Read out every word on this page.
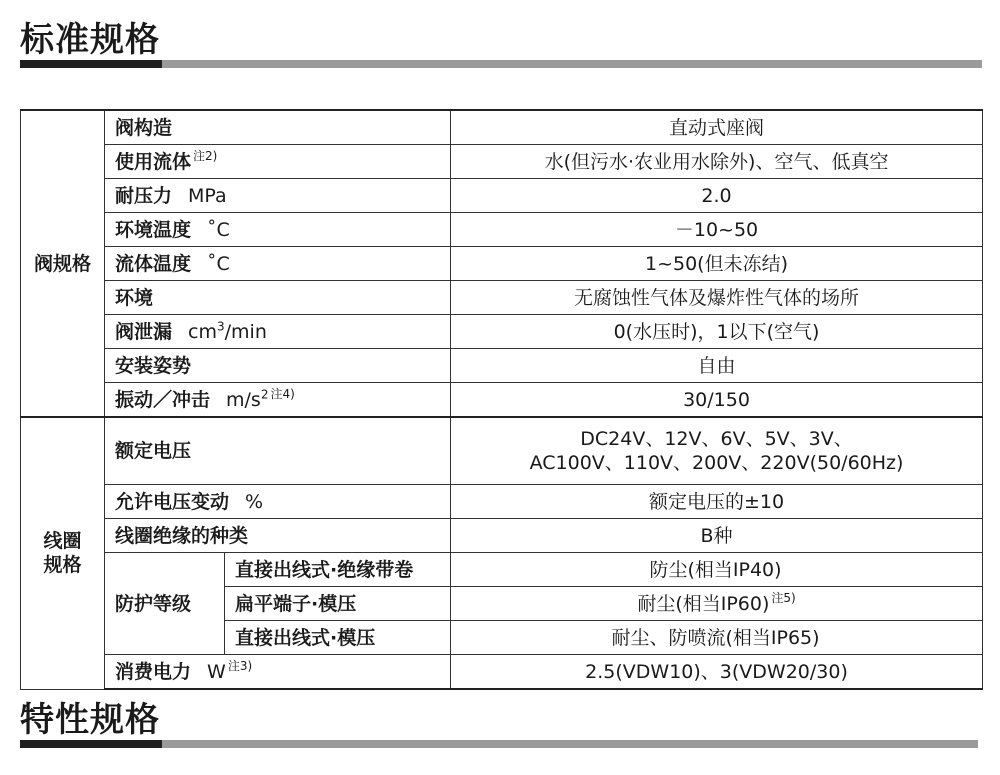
标准规格
阀规格	阀构造		直动式座阀
	使用流体 $^{注2)}$		水(但污水·农业用水除外)、空气、低真空
	耐压力 MPa		2.0
	环境温度 ˚C		－10~50
	流体温度 ˚C		1~50(但未冻结)
	环境		无腐蚀性气体及爆炸性气体的场所
	阀泄漏 $cm^3/\min$		0(水压时)，1以下(空气)
	安装姿势		自由
	振动／冲击 $m/s^2$ $^{注4)}$		30/150

线圈
规格	额定电压		DC24V、12V、6V、5V、3V、
AC100V、110V、200V、220V(50/60Hz)

	允许电压变动 %		额定电压的±10
	线圈绝缘的种类		B种
	防护等级	直接出线式·绝缘带卷	防尘(相当IP40)
		扁平端子·模压	耐尘(相当IP60) $^{注5)}$
		直接出线式·模压	耐尘、防喷流(相当IP65)
	消费电力 W $^{注3)}$		2.5(VDW10)、3(VDW20/30)
特性规格
